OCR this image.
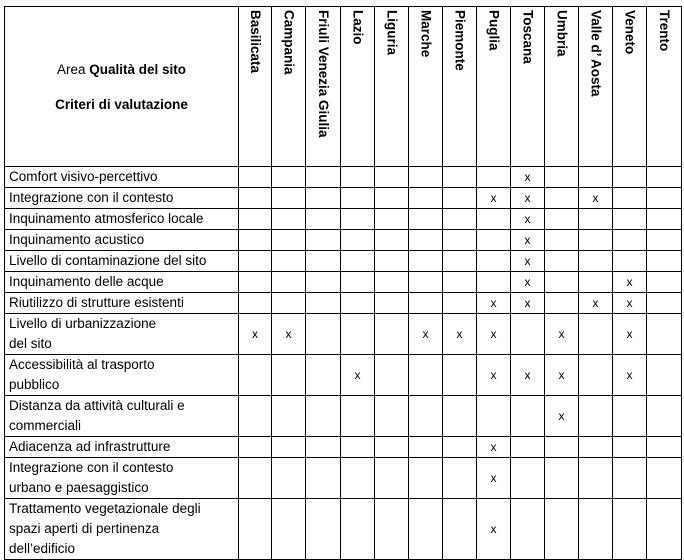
Area Qualità del sito
Criteri di valutazione	Basilicata	Campania	Friuli Venezia Giulia	Lazio	Liguria	Marche	Piemonte	Puglia	Toscana	Umbria	Valle d’ Aosta	Veneto	Trento
Comfort visivo-percettivo									x				
Integrazione con il contesto								x	x		x		
Inquinamento atmosferico locale									x				
Inquinamento acustico									x				
Livello di contaminazione del sito									x				
Inquinamento delle acque									x			x	
Riutilizzo di strutture esistenti								x	x		x	x	
Livello di urbanizzazione
del sito	x	x				x	x	x		x		x	
Accessibilità al trasporto
pubblico				x				x	x	x		x	
Distanza da attività culturali e
commerciali										x			
Adiacenza ad infrastrutture								x					
Integrazione con il contesto
urbano e paesaggistico								x					
Trattamento vegetazionale degli
spazi aperti di pertinenza
dell’edificio								x					
